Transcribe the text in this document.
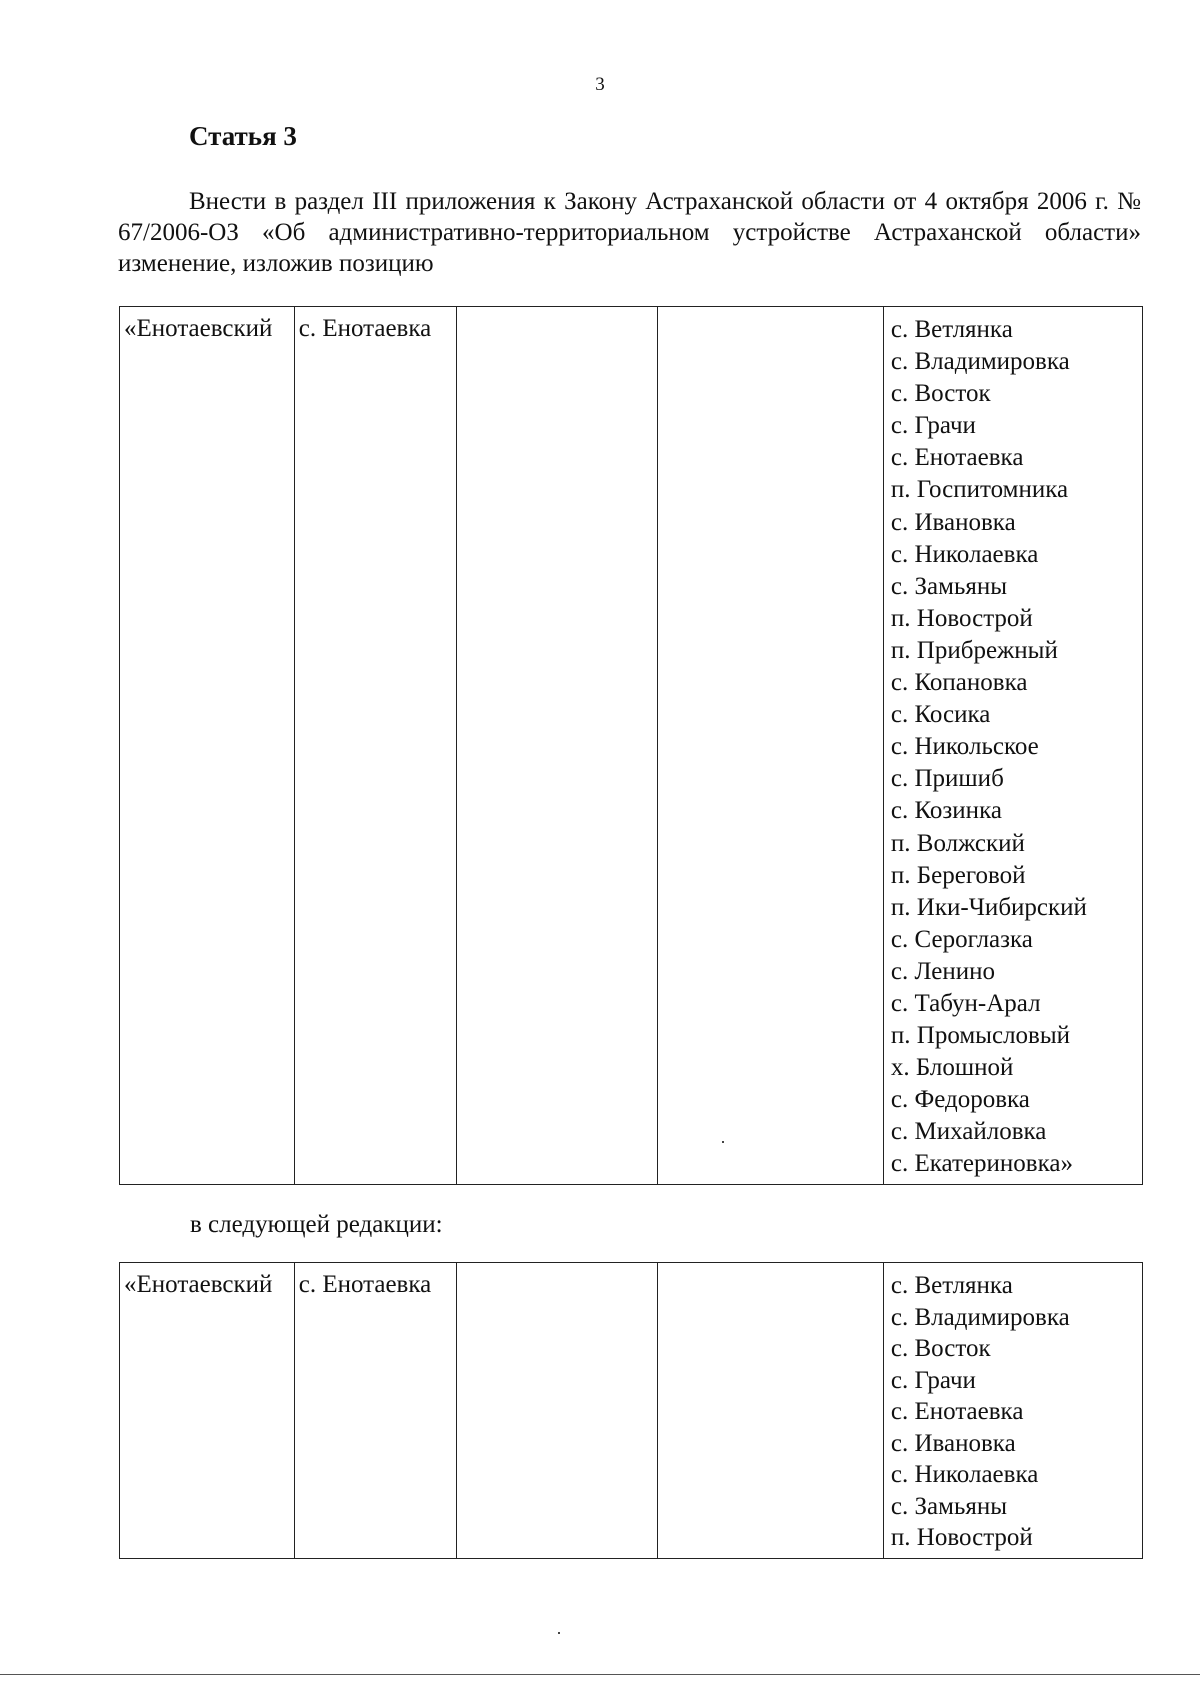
3
Статья 3

Внести в раздел III приложения к Закону Астраханской области от 4 октября 2006 г. № 67/2006-ОЗ «Об административно-территориальном устройстве Астраханской области» изменение, изложив позицию

«Енотаевский	с. Енотаевка			с. Ветлянка
с. Владимировка
с. Восток
с. Грачи
с. Енотаевка
п. Госпитомника
с. Ивановка
с. Николаевка
с. Замьяны
п. Новострой
п. Прибрежный
с. Копановка
с. Косика
с. Никольское
с. Пришиб
с. Козинка
п. Волжский
п. Береговой
п. Ики-Чибирский
с. Сероглазка
с. Ленино
с. Табун-Арал
п. Промысловый
х. Блошной
с. Федоровка
с. Михайловка
с. Екатериновка»
в следующей редакции:
«Енотаевский	с. Енотаевка			с. Ветлянка
с. Владимировка
с. Восток
с. Грачи
с. Енотаевка
с. Ивановка
с. Николаевка
с. Замьяны
п. Новострой
